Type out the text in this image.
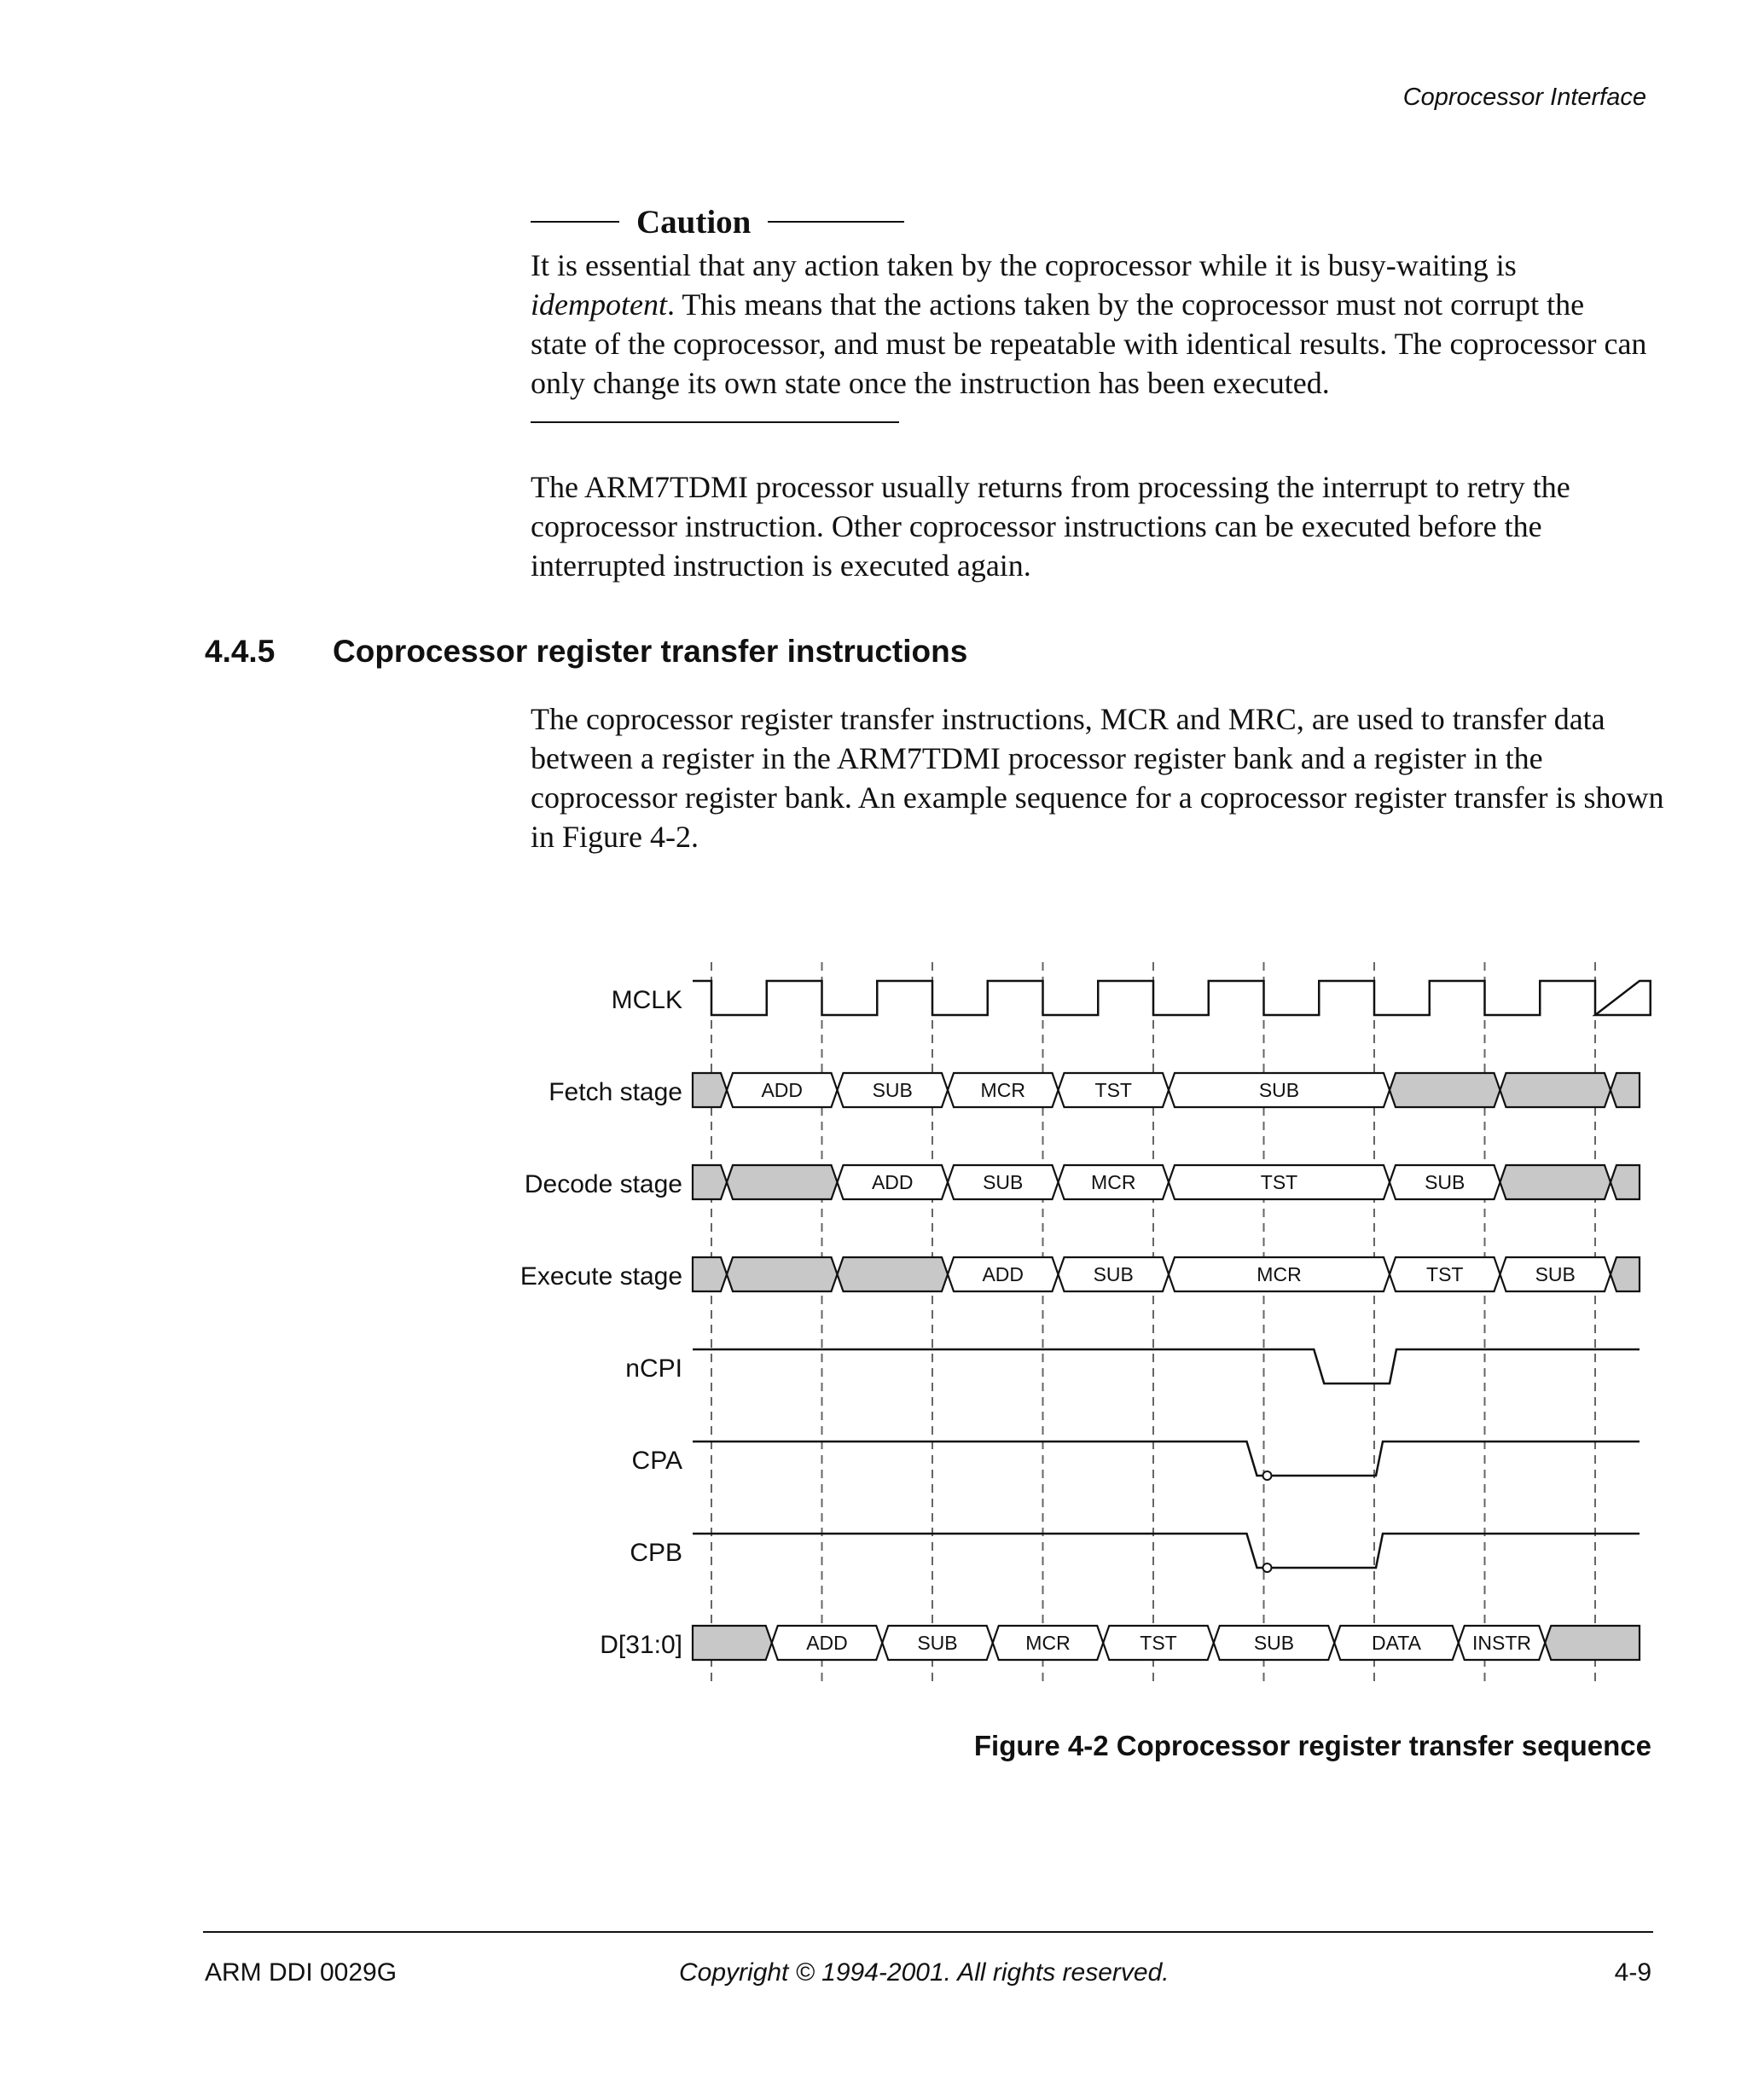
Coprocessor Interface
Caution

It is essential that any action taken by the coprocessor while it is busy-waiting is idempotent. This means that the actions taken by the coprocessor must not corrupt the state of the coprocessor, and must be repeatable with identical results. The coprocessor can only change its own state once the instruction has been executed.

The ARM7TDMI processor usually returns from processing the interrupt to retry the coprocessor instruction. Other coprocessor instructions can be executed before the interrupted instruction is executed again.

4.4.5 Coprocessor register transfer instructions

The coprocessor register transfer instructions, MCR and MRC, are used to transfer data between a register in the ARM7TDMI processor register bank and a register in the coprocessor register bank. An example sequence for a coprocessor register transfer is shown in Figure 4-2.

ADD	SUB	MCR	TST	SUB
ADD	SUB	MCR	TST	SUB
ADD	SUB	MCR	TST	SUB
ADD	SUB	MCR	TST	SUB	DATA	INSTR
MCLK
Fetch stage
Decode stage
Execute stage
nCPI
CPA
CPB
D[31:0]
Figure 4-2 Coprocessor register transfer sequence
ARM DDI 0029G	Copyright © 1994-2001. All rights reserved.	4-9
